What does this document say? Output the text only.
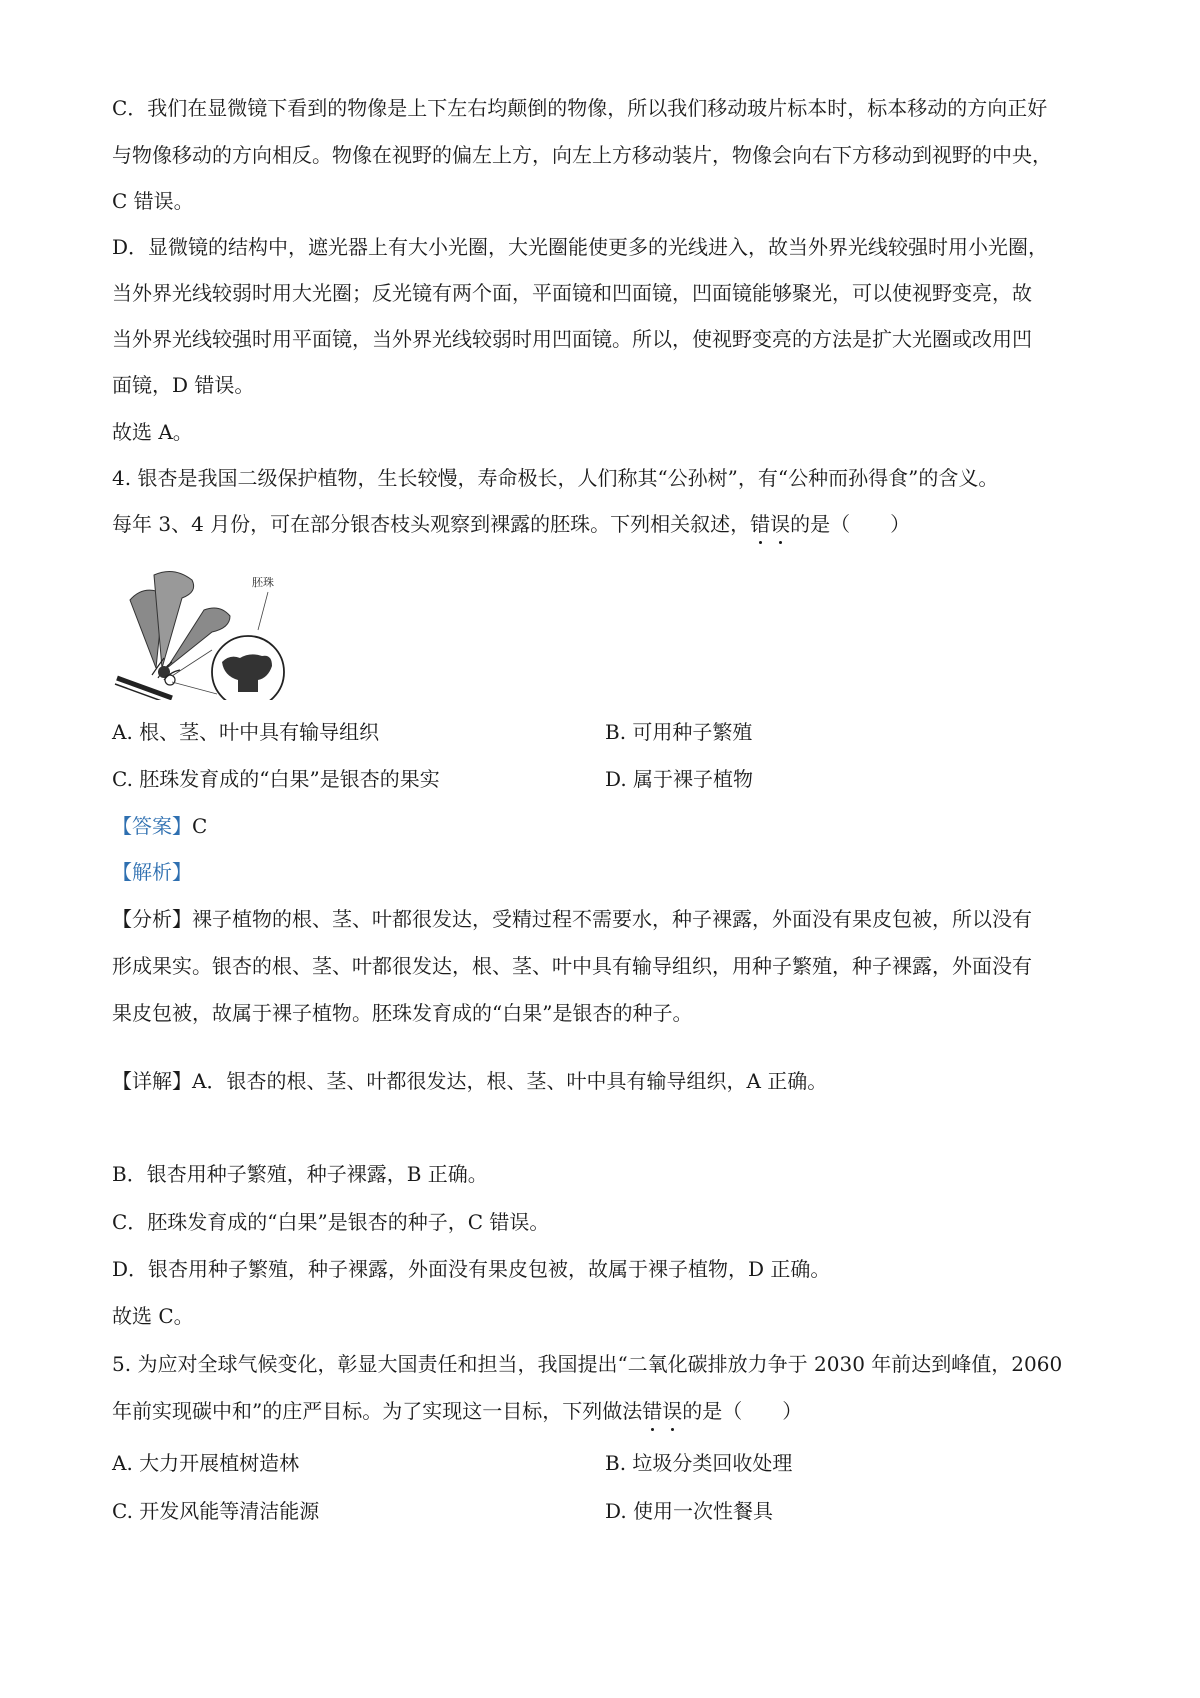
C．我们在显微镜下看到的物像是上下左右均颠倒的物像，所以我们移动玻片标本时，标本移动的方向正好
与物像移动的方向相反。物像在视野的偏左上方，向左上方移动装片，物像会向右下方移动到视野的中央，
C 错误。
D．显微镜的结构中，遮光器上有大小光圈，大光圈能使更多的光线进入，故当外界光线较强时用小光圈，
当外界光线较弱时用大光圈；反光镜有两个面，平面镜和凹面镜，凹面镜能够聚光，可以使视野变亮，故
当外界光线较强时用平面镜，当外界光线较弱时用凹面镜。所以，使视野变亮的方法是扩大光圈或改用凹
面镜，D 错误。
故选 A。
4. 银杏是我国二级保护植物，生长较慢，寿命极长，人们称其“公孙树”，有“公种而孙得食”的含义。
每年 3、4 月份，可在部分银杏枝头观察到裸露的胚珠。下列相关叙述，错误的是（　　）
胚珠
A. 根、茎、叶中具有输导组织	B. 可用种子繁殖
C. 胚珠发育成的“白果”是银杏的果实	D. 属于裸子植物
【答案】C
【解析】
【分析】裸子植物的根、茎、叶都很发达，受精过程不需要水，种子裸露，外面没有果皮包被，所以没有
形成果实。银杏的根、茎、叶都很发达，根、茎、叶中具有输导组织，用种子繁殖，种子裸露，外面没有
果皮包被，故属于裸子植物。胚珠发育成的“白果”是银杏的种子。
【详解】A．银杏的根、茎、叶都很发达，根、茎、叶中具有输导组织，A 正确。
B．银杏用种子繁殖，种子裸露，B 正确。
C．胚珠发育成的“白果”是银杏的种子，C 错误。
D．银杏用种子繁殖，种子裸露，外面没有果皮包被，故属于裸子植物，D 正确。
故选 C。
5. 为应对全球气候变化，彰显大国责任和担当，我国提出“二氧化碳排放力争于 2030 年前达到峰值，2060
年前实现碳中和”的庄严目标。为了实现这一目标，下列做法错误的是（　　）
A. 大力开展植树造林	B. 垃圾分类回收处理
C. 开发风能等清洁能源	D. 使用一次性餐具
